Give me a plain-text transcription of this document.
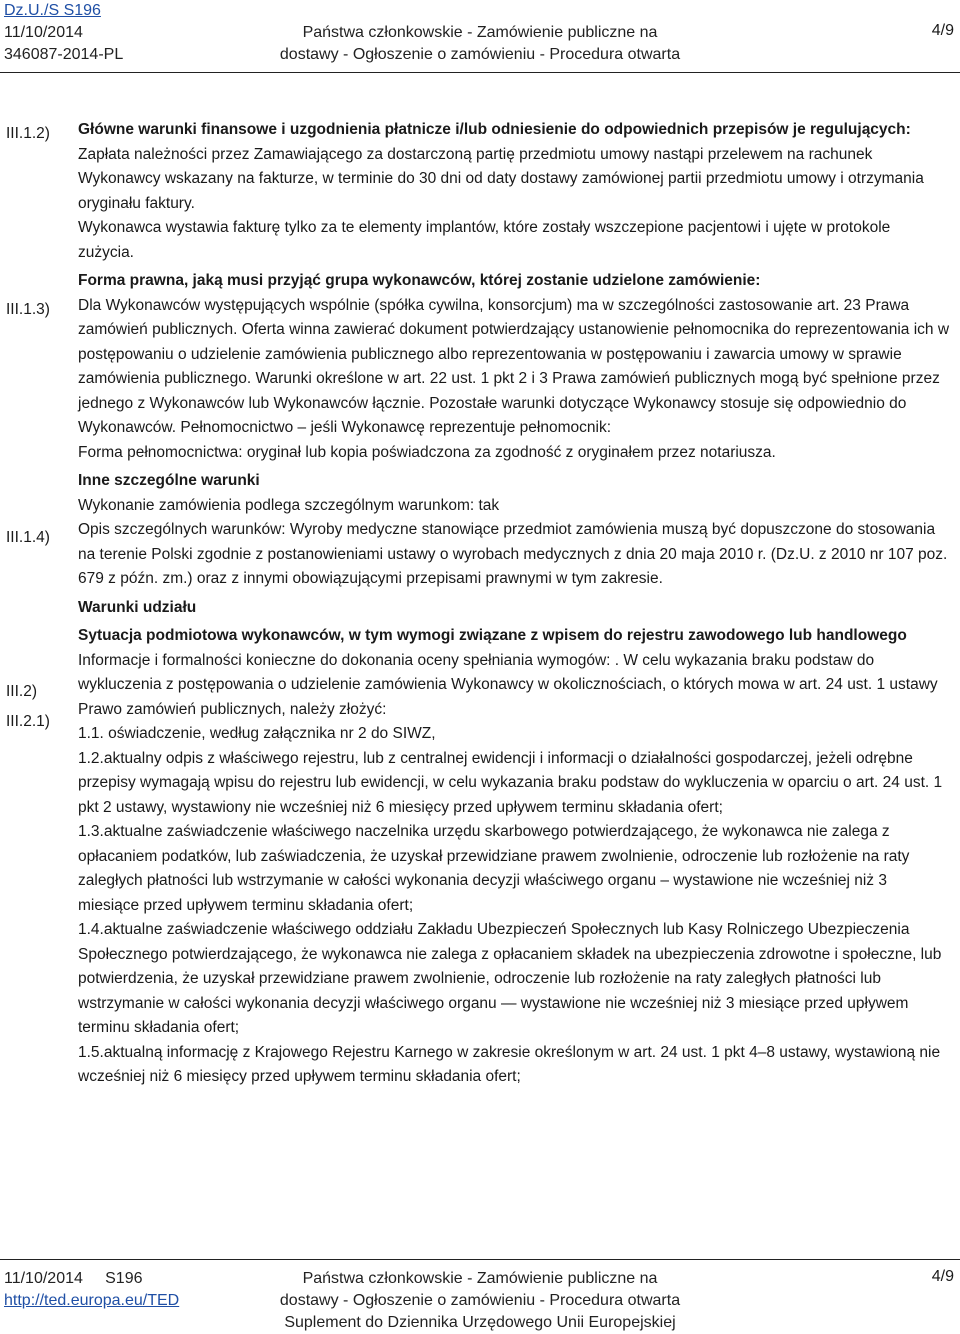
Dz.U./S S196
11/10/2014
346087-2014-PL
Państwa członkowskie - Zamówienie publiczne na
dostawy - Ogłoszenie o zamówieniu - Procedura otwarta
4/9
III.1.2)
III.1.3)
III.1.4)
III.2)
III.2.1)

Główne warunki finansowe i uzgodnienia płatnicze i/lub odniesienie do odpowiednich przepisów je regulujących:

Zapłata należności przez Zamawiającego za dostarczoną partię przedmiotu umowy nastąpi przelewem na rachunek Wykonawcy wskazany na fakturze, w terminie do 30 dni od daty dostawy zamówionej partii przedmiotu umowy i otrzymania oryginału faktury.

Wykonawca wystawia fakturę tylko za te elementy implantów, które zostały wszczepione pacjentowi i ujęte w protokole zużycia.

Forma prawna, jaką musi przyjąć grupa wykonawców, której zostanie udzielone zamówienie:

Dla Wykonawców występujących wspólnie (spółka cywilna, konsorcjum) ma w szczególności zastosowanie art. 23 Prawa zamówień publicznych. Oferta winna zawierać dokument potwierdzający ustanowienie pełnomocnika do reprezentowania ich w postępowaniu o udzielenie zamówienia publicznego albo reprezentowania w postępowaniu i zawarcia umowy w sprawie zamówienia publicznego. Warunki określone w art. 22 ust. 1 pkt 2 i 3 Prawa zamówień publicznych mogą być spełnione przez jednego z Wykonawców lub Wykonawców łącznie. Pozostałe warunki dotyczące Wykonawcy stosuje się odpowiednio do Wykonawców. Pełnomocnictwo – jeśli Wykonawcę reprezentuje pełnomocnik:

Forma pełnomocnictwa: oryginał lub kopia poświadczona za zgodność z oryginałem przez notariusza.

Inne szczególne warunki

Wykonanie zamówienia podlega szczególnym warunkom: tak

Opis szczególnych warunków: Wyroby medyczne stanowiące przedmiot zamówienia muszą być dopuszczone do stosowania na terenie Polski zgodnie z postanowieniami ustawy o wyrobach medycznych z dnia 20 maja 2010 r. (Dz.U. z 2010 nr 107 poz. 679 z późn. zm.) oraz z innymi obowiązującymi przepisami prawnymi w tym zakresie.

Warunki udziału

Sytuacja podmiotowa wykonawców, w tym wymogi związane z wpisem do rejestru zawodowego lub handlowego

Informacje i formalności konieczne do dokonania oceny spełniania wymogów: . W celu wykazania braku podstaw do wykluczenia z postępowania o udzielenie zamówienia Wykonawcy w okolicznościach, o których mowa w art. 24 ust. 1 ustawy Prawo zamówień publicznych, należy złożyć:

1.1. oświadczenie, według załącznika nr 2 do SIWZ,

1.2.aktualny odpis z właściwego rejestru, lub z centralnej ewidencji i informacji o działalności gospodarczej, jeżeli odrębne przepisy wymagają wpisu do rejestru lub ewidencji, w celu wykazania braku podstaw do wykluczenia w oparciu o art. 24 ust. 1 pkt 2 ustawy, wystawiony nie wcześniej niż 6 miesięcy przed upływem terminu składania ofert;

1.3.aktualne zaświadczenie właściwego naczelnika urzędu skarbowego potwierdzającego, że wykonawca nie zalega z opłacaniem podatków, lub zaświadczenia, że uzyskał przewidziane prawem zwolnienie, odroczenie lub rozłożenie na raty zaległych płatności lub wstrzymanie w całości wykonania decyzji właściwego organu – wystawione nie wcześniej niż 3 miesiące przed upływem terminu składania ofert;

1.4.aktualne zaświadczenie właściwego oddziału Zakładu Ubezpieczeń Społecznych lub Kasy Rolniczego Ubezpieczenia Społecznego potwierdzającego, że wykonawca nie zalega z opłacaniem składek na ubezpieczenia zdrowotne i społeczne, lub potwierdzenia, że uzyskał przewidziane prawem zwolnienie, odroczenie lub rozłożenie na raty zaległych płatności lub wstrzymanie w całości wykonania decyzji właściwego organu — wystawione nie wcześniej niż 3 miesiące przed upływem terminu składania ofert;

1.5.aktualną informację z Krajowego Rejestru Karnego w zakresie określonym w art. 24 ust. 1 pkt 4–8 ustawy, wystawioną nie wcześniej niż 6 miesięcy przed upływem terminu składania ofert;

11/10/2014     S196
http://ted.europa.eu/TED
Państwa członkowskie - Zamówienie publiczne na
dostawy - Ogłoszenie o zamówieniu - Procedura otwarta
Suplement do Dziennika Urzędowego Unii Europejskiej
4/9
